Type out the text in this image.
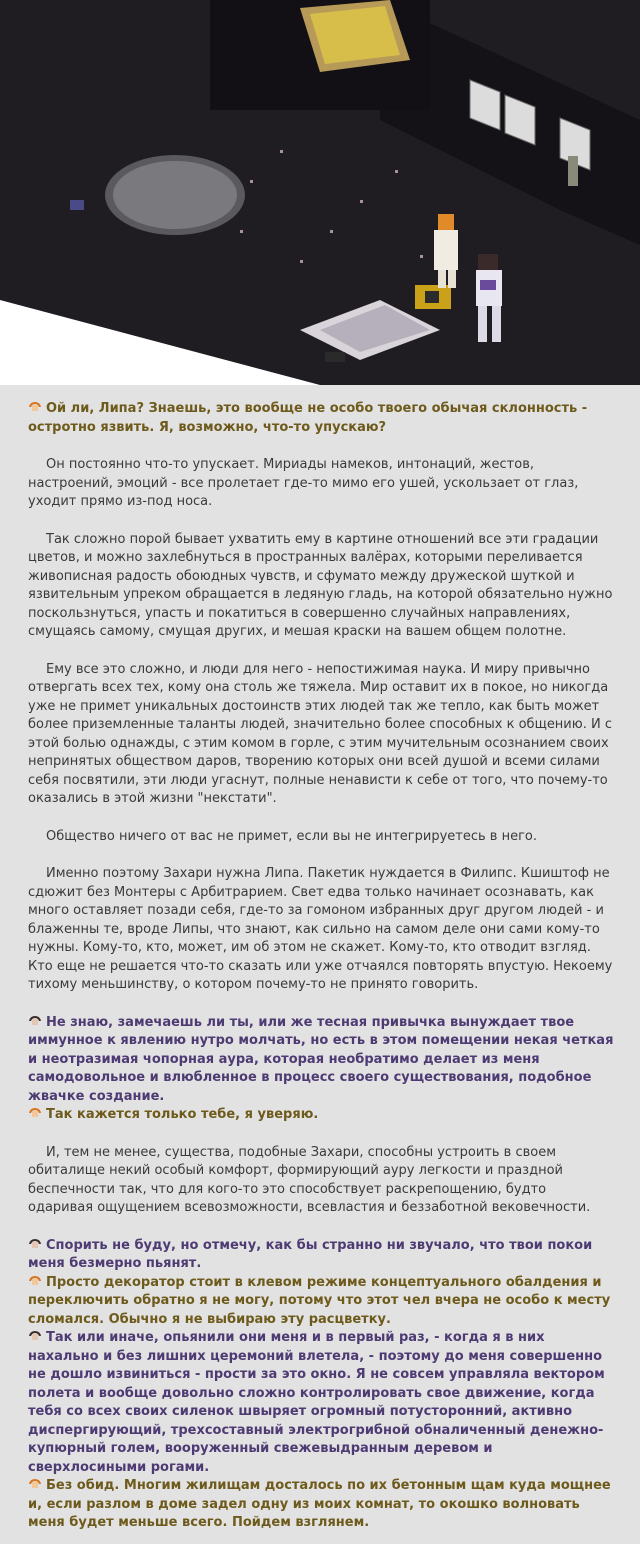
Ой ли, Липа? Знаешь, это вообще не особо твоего обычая склонность - остротно язвить. Я, возможно, что-то упускаю?

Он постоянно что-то упускает. Мириады намеков, интонаций, жестов, настроений, эмоций - все пролетает где-то мимо его ушей, ускользает от глаз, уходит прямо из-под носа.

Так сложно порой бывает ухватить ему в картине отношений все эти градации цветов, и можно захлебнуться в пространных валёрах, которыми переливается живописная радость обоюдных чувств, и сфумато между дружеской шуткой и язвительным упреком обращается в ледяную гладь, на которой обязательно нужно поскользнуться, упасть и покатиться в совершенно случайных направлениях, смущаясь самому, смущая других, и мешая краски на вашем общем полотне.

Ему все это сложно, и люди для него - непостижимая наука. И миру привычно отвергать всех тех, кому она столь же тяжела. Мир оставит их в покое, но никогда уже не примет уникальных достоинств этих людей так же тепло, как быть может более приземленные таланты людей, значительно более способных к общению. И с этой болью однажды, с этим комом в горле, с этим мучительным осознанием своих непринятых обществом даров, творению которых они всей душой и всеми силами себя посвятили, эти люди угаснут, полные ненависти к себе от того, что почему-то оказались в этой жизни "некстати".

Общество ничего от вас не примет, если вы не интегрируетесь в него.

Именно поэтому Захари нужна Липа. Пакетик нуждается в Филипс. Кшиштоф не сдюжит без Монтеры с Арбитрарием. Свет едва только начинает осознавать, как много оставляет позади себя, где-то за гомоном избранных друг другом людей - и блаженны те, вроде Липы, что знают, как сильно на самом деле они сами кому-то нужны. Кому-то, кто, может, им об этом не скажет. Кому-то, кто отводит взгляд. Кто еще не решается что-то сказать или уже отчаялся повторять впустую. Некоему тихому меньшинству, о котором почему-то не принято говорить.

Не знаю, замечаешь ли ты, или же тесная привычка вынуждает твое иммунное к явлению нутро молчать, но есть в этом помещении некая четкая и неотразимая чопорная аура, которая необратимо делает из меня самодовольное и влюбленное в процесс своего существования, подобное жвачке создание.

Так кажется только тебе, я уверяю.

И, тем не менее, существа, подобные Захари, способны устроить в своем обиталище некий особый комфорт, формирующий ауру легкости и праздной беспечности так, что для кого-то это способствует раскрепощению, будто одаривая ощущением всевозможности, всевластия и беззаботной вековечности.

Спорить не буду, но отмечу, как бы странно ни звучало, что твои покои меня безмерно пьянят.

Просто декоратор стоит в клевом режиме концептуального обалдения и переключить обратно я не могу, потому что этот чел вчера не особо к месту сломался. Обычно я не выбираю эту расцветку.

Так или иначе, опьянили они меня и в первый раз, - когда я в них нахально и без лишних церемоний влетела, - поэтому до меня совершенно не дошло извиниться - прости за это окно. Я не совсем управляла вектором полета и вообще довольно сложно контролировать свое движение, когда тебя со всех своих силенок швыряет огромный потусторонний, активно диспергирующий, трехсоставный электрогрибной обналиченный денежно-купюрный голем, вооруженный свежевыдранным деревом и сверхлосиными рогами.

Без обид. Многим жилищам досталось по их бетонным щам куда мощнее и, если разлом в доме задел одну из моих комнат, то окошко волновать меня будет меньше всего. Пойдем взглянем.
